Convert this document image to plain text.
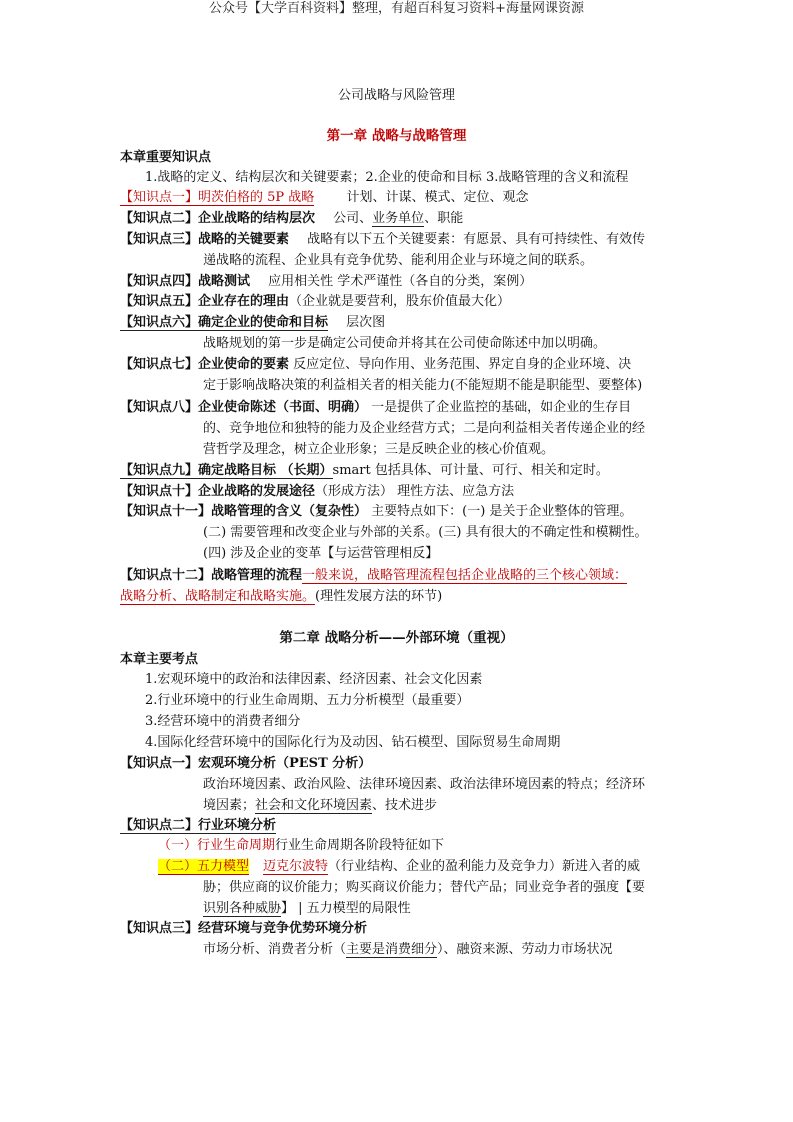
公众号【大学百科资料】整理，有超百科复习资料+海量网课资源
公司战略与风险管理
第一章 战略与战略管理
本章重要知识点
1.战略的定义、结构层次和关键要素；2.企业的使命和目标 3.战略管理的含义和流程
【知识点一】明茨伯格的 5P 战略 计划、计谋、模式、定位、观念
【知识点二】企业战略的结构层次 公司、业务单位、职能
【知识点三】战略的关键要素 战略有以下五个关键要素：有愿景、具有可持续性、有效传
递战略的流程、企业具有竞争优势、能利用企业与环境之间的联系。
【知识点四】战略测试 应用相关性 学术严谨性（各自的分类，案例）
【知识点五】企业存在的理由（企业就是要营利，股东价值最大化）
【知识点六】确定企业的使命和目标 层次图
战略规划的第一步是确定公司使命并将其在公司使命陈述中加以明确。
【知识点七】企业使命的要素 反应定位、导向作用、业务范围、界定自身的企业环境、决
定于影响战略决策的利益相关者的相关能力(不能短期不能是职能型、要整体)
【知识点八】企业使命陈述（书面、明确） 一是提供了企业监控的基础，如企业的生存目
的、竞争地位和独特的能力及企业经营方式；二是向利益相关者传递企业的经
营哲学及理念，树立企业形象；三是反映企业的核心价值观。
【知识点九】确定战略目标 （长期）smart 包括具体、可计量、可行、相关和定时。
【知识点十】企业战略的发展途径（形成方法） 理性方法、应急方法
【知识点十一】战略管理的含义（复杂性） 主要特点如下：(一) 是关于企业整体的管理。
(二) 需要管理和改变企业与外部的关系。(三) 具有很大的不确定性和模糊性。
(四) 涉及企业的变革【与运营管理相反】
【知识点十二】战略管理的流程一般来说，战略管理流程包括企业战略的三个核心领域：
战略分析、战略制定和战略实施。(理性发展方法的环节)
第二章 战略分析——外部环境（重视）
本章主要考点
1.宏观环境中的政治和法律因素、经济因素、社会文化因素
2.行业环境中的行业生命周期、五力分析模型（最重要）
3.经营环境中的消费者细分
4.国际化经营环境中的国际化行为及动因、钻石模型、国际贸易生命周期
【知识点一】宏观环境分析（PEST 分析）
政治环境因素、政治风险、法律环境因素、政治法律环境因素的特点；经济环
境因素；社会和文化环境因素、技术进步
【知识点二】行业环境分析
（一）行业生命周期行业生命周期各阶段特征如下
（二）五力模型 迈克尔波特（行业结构、企业的盈利能力及竞争力）新进入者的威
胁；供应商的议价能力；购买商议价能力；替代产品；同业竞争者的强度【要
识别各种威胁】 | 五力模型的局限性
【知识点三】经营环境与竞争优势环境分析
市场分析、消费者分析（主要是消费细分）、融资来源、劳动力市场状况
